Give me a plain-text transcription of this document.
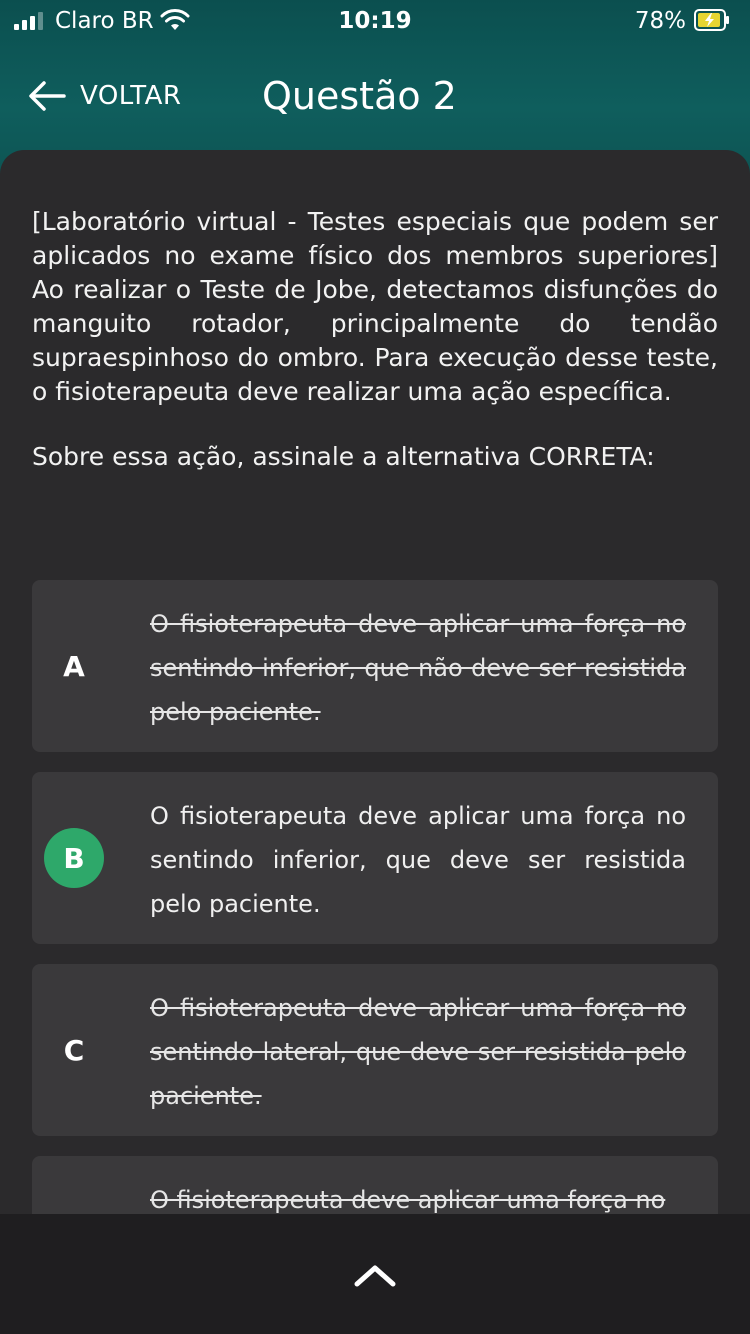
Claro BR	10:19	78%
VOLTAR Questão 2
[Laboratório virtual - Testes especiais que podem ser aplicados no exame físico dos membros superiores] Ao realizar o Teste de Jobe, detectamos disfunções do manguito rotador, principalmente do tendão supraespinhoso do ombro. Para execução desse teste, o fisioterapeuta deve realizar uma ação específica.
Sobre essa ação, assinale a alternativa CORRETA:
A
O fisioterapeuta deve aplicar uma força no sentindo inferior, que não deve ser resistida pelo paciente.
B
O fisioterapeuta deve aplicar uma força no sentindo inferior, que deve ser resistida pelo paciente.
C
O fisioterapeuta deve aplicar uma força no sentindo lateral, que deve ser resistida pelo paciente.
O fisioterapeuta deve aplicar uma força no
